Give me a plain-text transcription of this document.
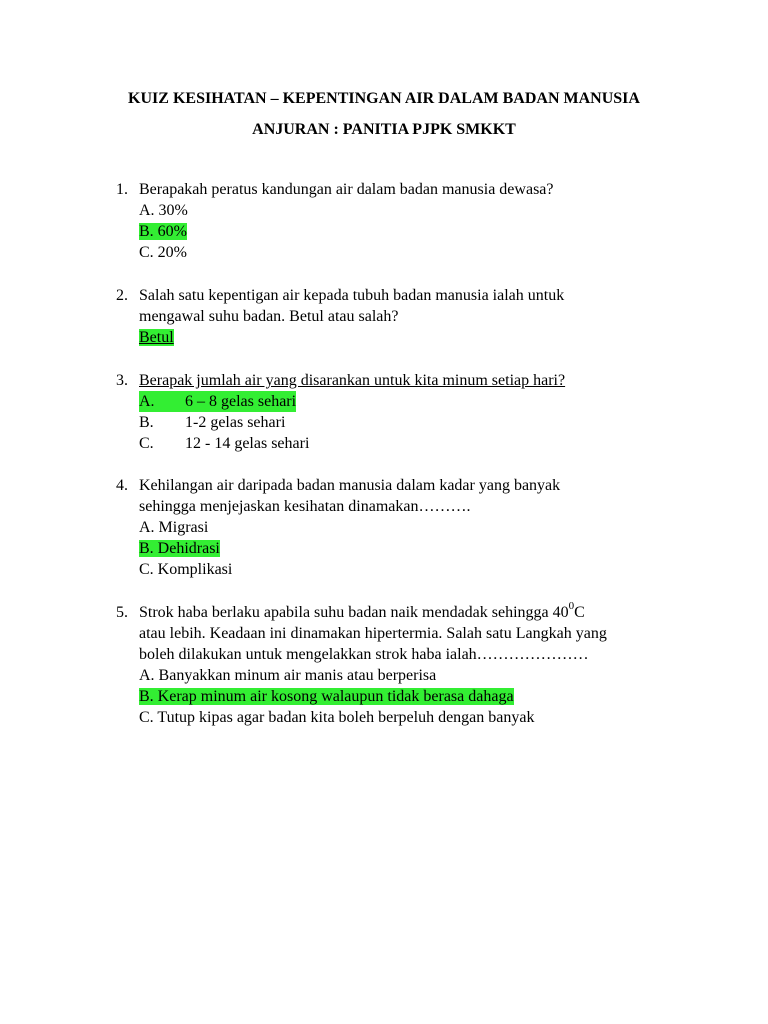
KUIZ KESIHATAN – KEPENTINGAN AIR DALAM BADAN MANUSIA
ANJURAN : PANITIA PJPK SMKKT
1. Berapakah peratus kandungan air dalam badan manusia dewasa?
A. 30%
B. 60%
C. 20%
2. Salah satu kepentigan air kepada tubuh badan manusia ialah untuk
mengawal suhu badan. Betul atau salah?
Betul
3. Berapak jumlah air yang disarankan untuk kita minum setiap hari?
A.	6 – 8 gelas sehari
B.	1-2 gelas sehari
C.	12 - 14 gelas sehari
4. Kehilangan air daripada badan manusia dalam kadar yang banyak
sehingga menjejaskan kesihatan dinamakan……….
A. Migrasi
B. Dehidrasi
C. Komplikasi
5. Strok haba berlaku apabila suhu badan naik mendadak sehingga $40^0C$
atau lebih. Keadaan ini dinamakan hipertermia. Salah satu Langkah yang
boleh dilakukan untuk mengelakkan strok haba ialah…………………
A. Banyakkan minum air manis atau berperisa
B. Kerap minum air kosong walaupun tidak berasa dahaga
C. Tutup kipas agar badan kita boleh berpeluh dengan banyak
